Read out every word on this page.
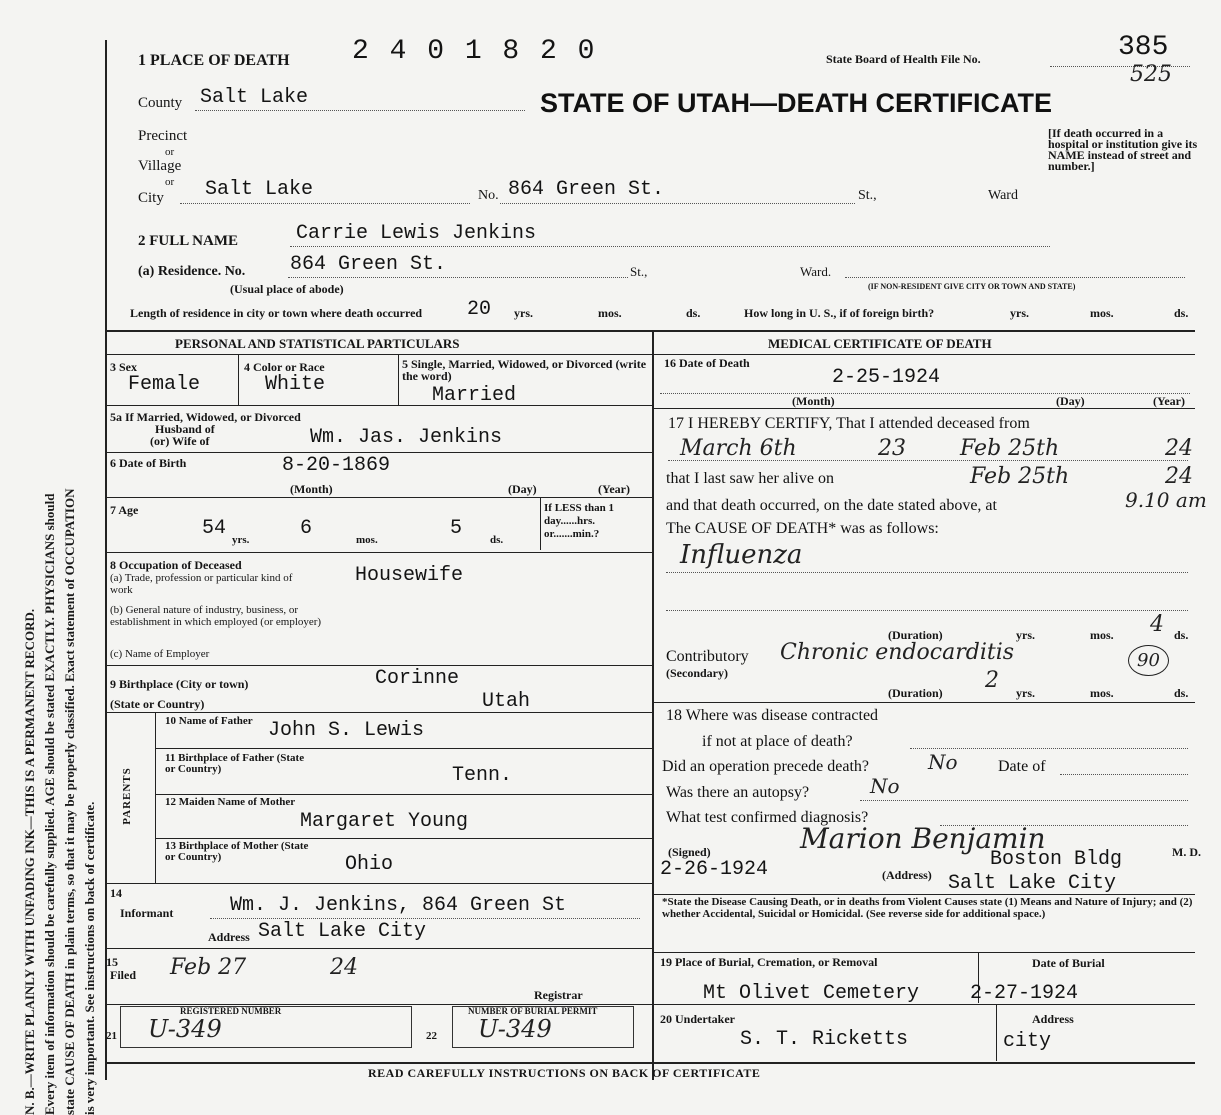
N. B.—WRITE PLAINLY WITH UNFADING INK—THIS IS A PERMANENT RECORD. Every item of information should be carefully supplied. AGE should be stated EXACTLY. PHYSICIANS should state CAUSE OF DEATH in plain terms, so that it may be properly classified. Exact statement of OCCUPATION is very important. See instructions on back of certificate.
1 PLACE OF DEATH 2 4 0 1 8 2 0	State Board of Health File No.	385
525
STATE OF UTAH—DEATH CERTIFICATE
[If death occurred in a hospital or institution give its NAME instead of street and number.]
County Salt Lake
Precinct
or
Village
or
City Salt Lake	No. 864 Green St.	St.,	Ward
2 FULL NAME	Carrie Lewis Jenkins
(a) Residence. No. 864 Green St.	St.,	Ward.
(Usual place of abode)	(IF NON-RESIDENT GIVE CITY OR TOWN AND STATE)
Length of residence in city or town where death occurred 20 yrs.	mos.	ds.	How long in U. S., if of foreign birth?	yrs.	mos.	ds.
PERSONAL AND STATISTICAL PARTICULARS
3 Sex
Female
4 Color or Race
White
5 Single, Married, Widowed, or Divorced (write the word)
Married
5a If Married, Widowed, or Divorced
Husband of
(or) Wife of	Wm. Jas. Jenkins
6 Date of Birth	8-20-1869
(Month)	(Day)	(Year)
7 Age
54 yrs.	6	mos.	5	ds.
If LESS than 1 day......hrs. or.......min.?
8 Occupation of Deceased
(a) Trade, profession or particular kind of work
Housewife
(b) General nature of industry, business, or establishment in which employed (or employer)
(c) Name of Employer
9 Birthplace (City or town)	Corinne
(State or Country)	Utah
PARENTS
10 Name of Father John S. Lewis
11 Birthplace of Father (State or Country)	Tenn.
12 Maiden Name of Mother
Margaret Young
13 Birthplace of Mother (State or Country)	Ohio
14
Informant	Wm. J. Jenkins, 864 Green St
Address Salt Lake City
15
Filed Feb 27	24
Registrar
21
REGISTERED NUMBER
U-349	22
NUMBER OF BURIAL PERMIT
U-349
MEDICAL CERTIFICATE OF DEATH
16 Date of Death
2-25-1924
(Month)	(Day)	(Year)
17 I HEREBY CERTIFY, That I attended deceased from
March 6th	23 Feb 25th	24
that I last saw her alive on	Feb 25th	24
and that death occurred, on the date stated above, at	9.10 am
The CAUSE OF DEATH* was as follows:
Influenza
(Duration)	yrs.	mos. 4 ds.
Contributory
(Secondary)
Chronic endocarditis	90
(Duration) 2 yrs.	mos.	ds.
18 Where was disease contracted
if not at place of death?
Did an operation precede death?	No	Date of
Was there an autopsy?	No
What test confirmed diagnosis?
(Signed)	Marion Benjamin	M. D.
2-26-1924	(Address)
Boston Bldg
Salt Lake City
*State the Disease Causing Death, or in deaths from Violent Causes state (1) Means and Nature of Injury; and (2) whether Accidental, Suicidal or Homicidal. (See reverse side for additional space.)
19 Place of Burial, Cremation, or Removal	Date of Burial
Mt Olivet Cemetery	2-27-1924
20 Undertaker
S. T. Ricketts
Address
city
READ CAREFULLY INSTRUCTIONS ON BACK OF CERTIFICATE
